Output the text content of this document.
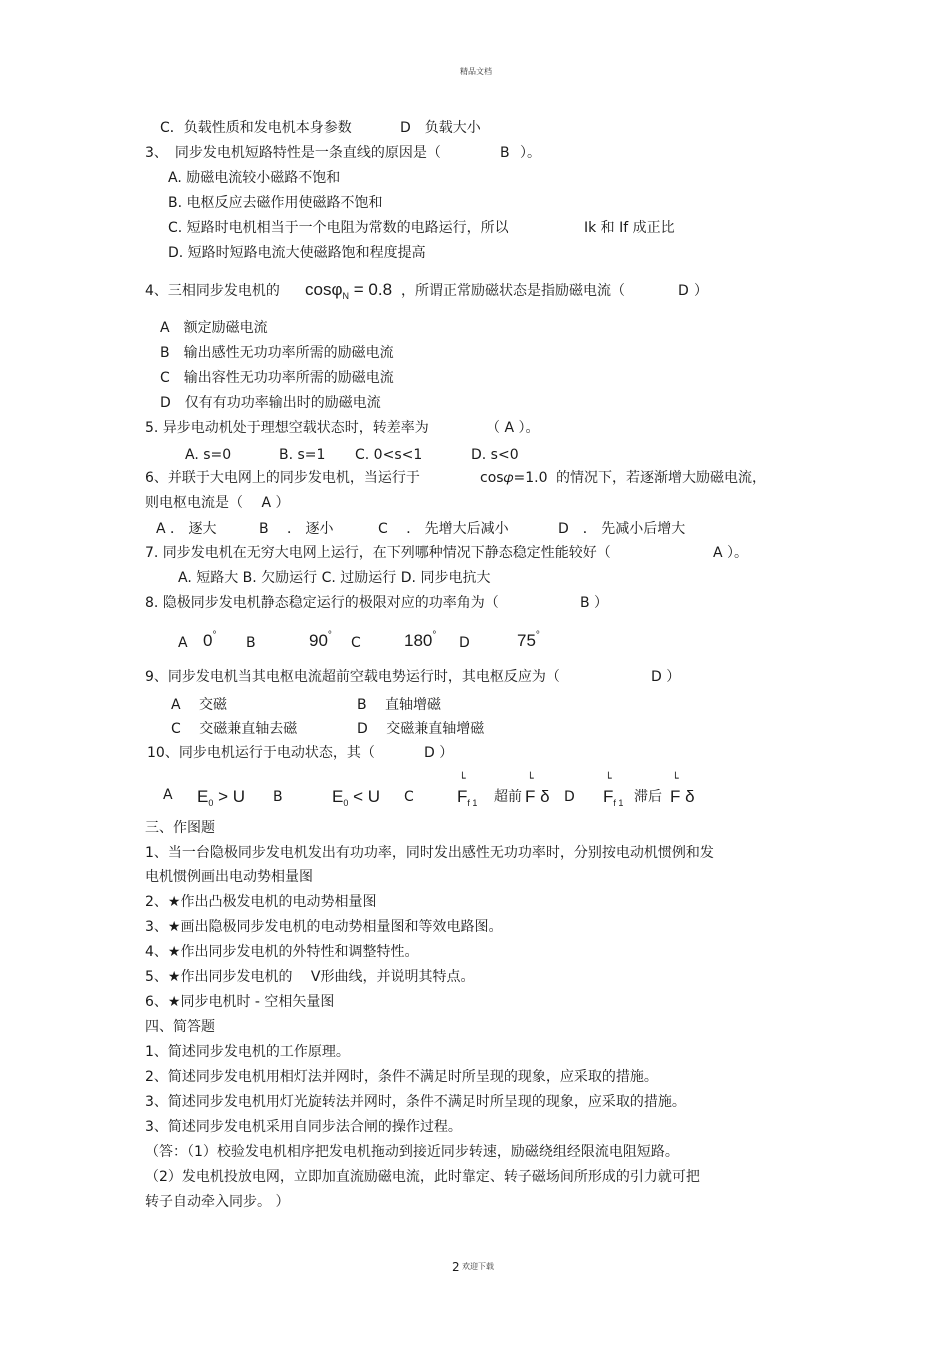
精品文档
2 欢迎下载
C．负载性质和发电机本身参数	D　负载大小
3、　同步发电机短路特性是一条直线的原因是（	B ）。
A. 励磁电流较小磁路不饱和
B. 电枢反应去磁作用使磁路不饱和
C. 短路时电机相当于一个电阻为常数的电路运行，所以	Ik 和 If 成正比
D. 短路时短路电流大使磁路饱和程度提高
4、三相同步发电机的 cosφ$_N$ = 0.8 ，所谓正常励磁状态是指励磁电流（	D ）
A　额定励磁电流
B　输出感性无功功率所需的励磁电流
C　输出容性无功功率所需的励磁电流
D　仅有有功功率输出时的励磁电流
5. 异步电动机处于理想空载状态时，转差率为	（ A ）。
A. s=0	B. s=1 C. 0<s<1	D. s<0
6、并联于大电网上的同步发电机，当运行于	cos𝜑=1.0 的情况下，若逐渐增大励磁电流，
则电枢电流是（　 A ）
A ． 逐大	B　 ． 逐小	C　 ． 先增大后减小	D　． 先减小后增大
7. 同步发电机在无穷大电网上运行，在下列哪种情况下静态稳定性能较好（	A ）。
A. 短路大 B. 欠励运行 C. 过励运行 D. 同步电抗大
8. 隐极同步发电机静态稳定运行的极限对应的功率角为（	B ）
A 0° B	90° C	180° D	75°
9、同步发电机当其电枢电流超前空载电势运行时，其电枢反应为（	D ）
A　 交磁	B　 直轴增磁
C　 交磁兼直轴去磁	D　 交磁兼直轴增磁
10、同步电机运行于电动状态，其（	D ）
A $E_0 > U$ B	$E_0 < U$ C
└
$F_{f 1}$ 超前
└
F δ D
└
$F_{f 1}$ 滞后
└
F δ
三、作图题
1、当一台隐极同步发电机发出有功功率，同时发出感性无功功率时，分别按电动机惯例和发
电机惯例画出电动势相量图
2、★作出凸极发电机的电动势相量图
3、★画出隐极同步发电机的电动势相量图和等效电路图。
4、★作出同步发电机的外特性和调整特性。
5、★作出同步发电机的　 V形曲线，并说明其特点。
6、★同步电机时 - 空相矢量图
四、简答题
1、简述同步发电机的工作原理。
2、简述同步发电机用相灯法并网时，条件不满足时所呈现的现象，应采取的措施。
3、简述同步发电机用灯光旋转法并网时，条件不满足时所呈现的现象，应采取的措施。
3、简述同步发电机采用自同步法合闸的操作过程。
（答：（1）校验发电机相序把发电机拖动到接近同步转速，励磁绕组经限流电阻短路。
（2）发电机投放电网，立即加直流励磁电流，此时靠定、转子磁场间所形成的引力就可把
转子自动牵入同步。 ）
